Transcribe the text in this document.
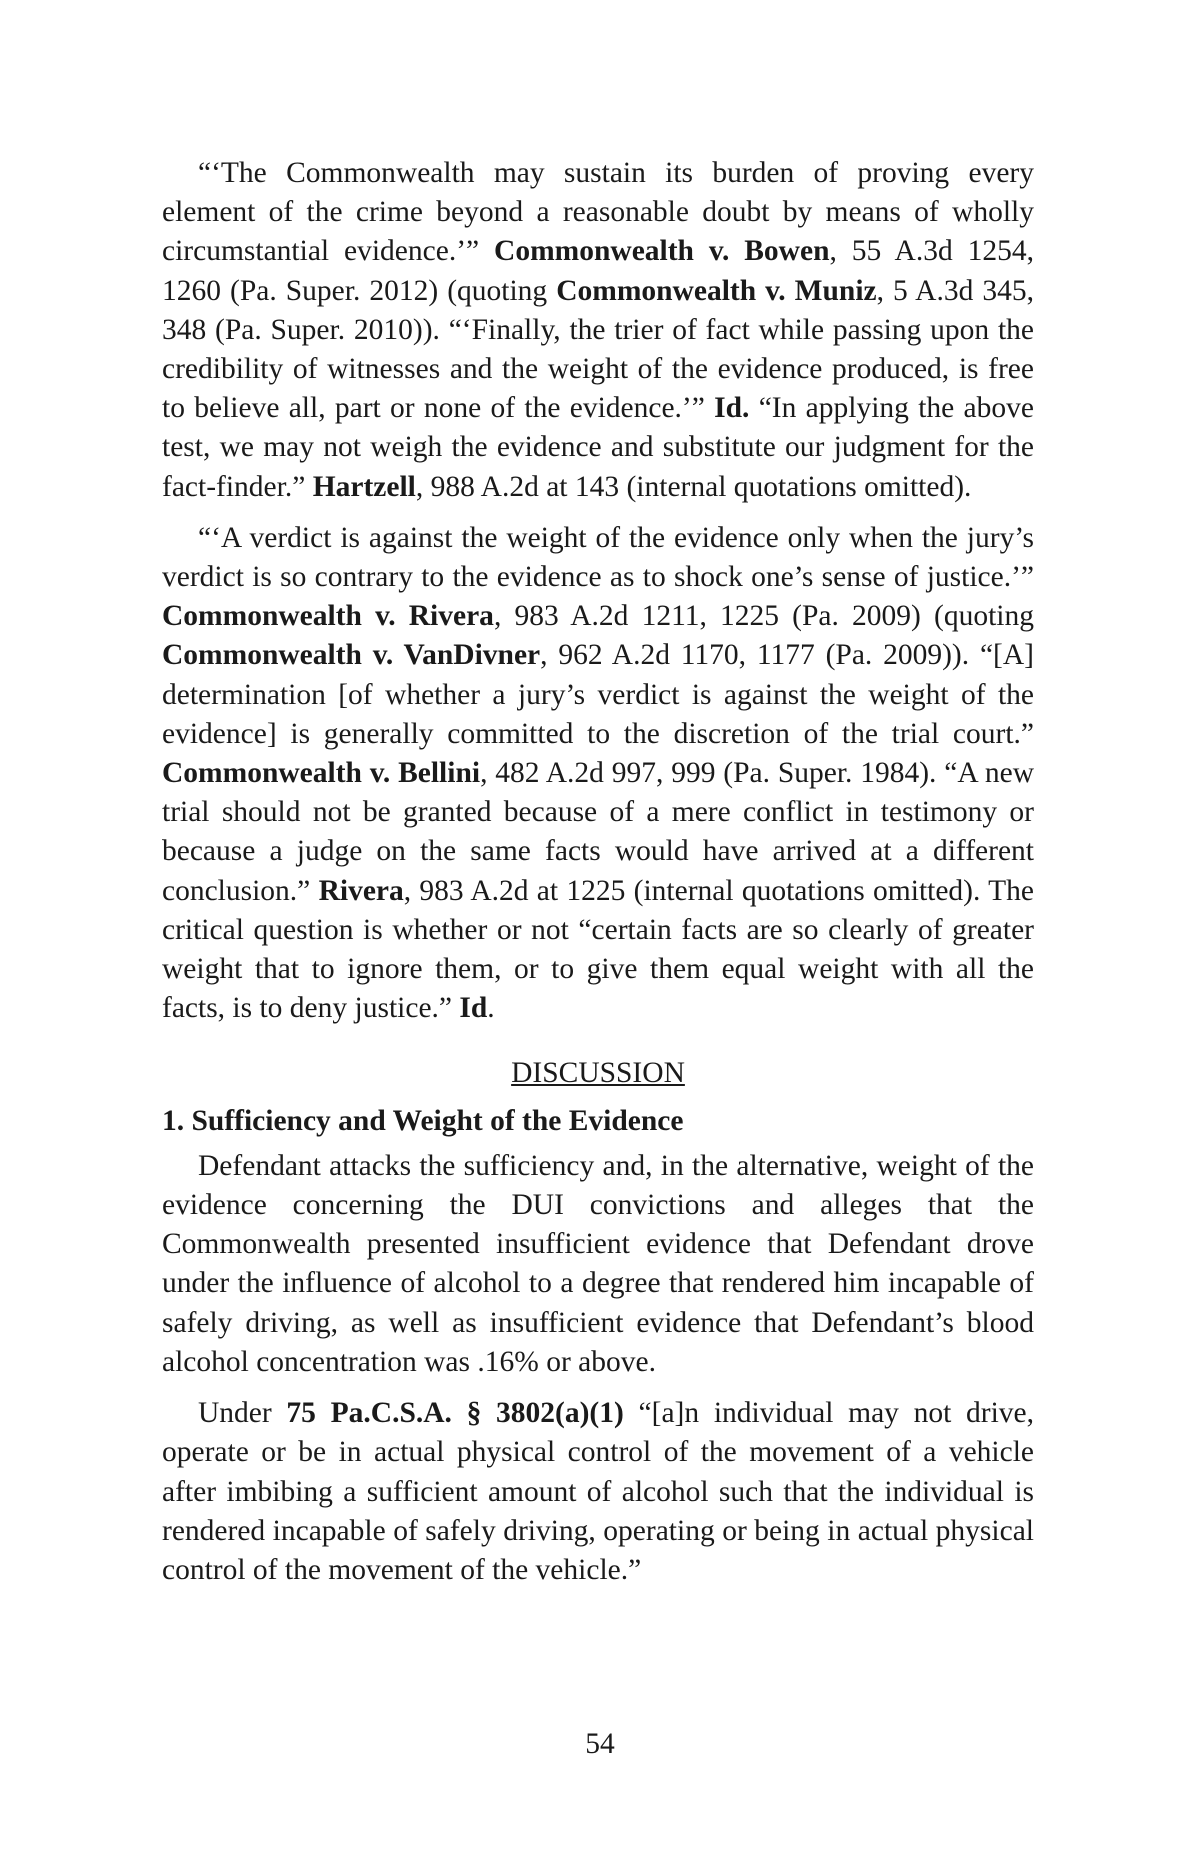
“‘The Commonwealth may sustain its burden of proving every element of the crime beyond a reasonable doubt by means of wholly circumstantial evidence.’” Commonwealth v. Bowen, 55 A.3d 1254, 1260 (Pa. Super. 2012) (quoting Commonwealth v. Muniz, 5 A.3d 345, 348 (Pa. Super. 2010)). “‘Finally, the trier of fact while passing upon the credibility of witnesses and the weight of the evidence produced, is free to believe all, part or none of the evidence.’” Id. “In applying the above test, we may not weigh the evidence and substitute our judgment for the fact-finder.” Hartzell, 988 A.2d at 143 (internal quotations omitted).

“‘A verdict is against the weight of the evidence only when the jury’s verdict is so contrary to the evidence as to shock one’s sense of justice.’” Commonwealth v. Rivera, 983 A.2d 1211, 1225 (Pa. 2009) (quoting Commonwealth v. VanDivner, 962 A.2d 1170, 1177 (Pa. 2009)). “[A] determination [of whether a jury’s verdict is against the weight of the evidence] is generally committed to the discretion of the trial court.” Commonwealth v. Bellini, 482 A.2d 997, 999 (Pa. Super. 1984). “A new trial should not be granted because of a mere conflict in testimony or because a judge on the same facts would have arrived at a different conclusion.” Rivera, 983 A.2d at 1225 (internal quotations omitted). The critical question is whether or not “certain facts are so clearly of greater weight that to ignore them, or to give them equal weight with all the facts, is to deny justice.” Id.

DISCUSSION
1. Sufficiency and Weight of the Evidence

Defendant attacks the sufficiency and, in the alternative, weight of the evidence concerning the DUI convictions and alleges that the Commonwealth presented insufficient evidence that Defendant drove under the influence of alcohol to a degree that rendered him incapable of safely driving, as well as insufficient evidence that Defendant’s blood alcohol concentration was .16% or above.

Under 75 Pa.C.S.A. § 3802(a)(1) “[a]n individual may not drive, operate or be in actual physical control of the movement of a vehicle after imbibing a sufficient amount of alcohol such that the individual is rendered incapable of safely driving, operating or being in actual physical control of the movement of the vehicle.”

54
